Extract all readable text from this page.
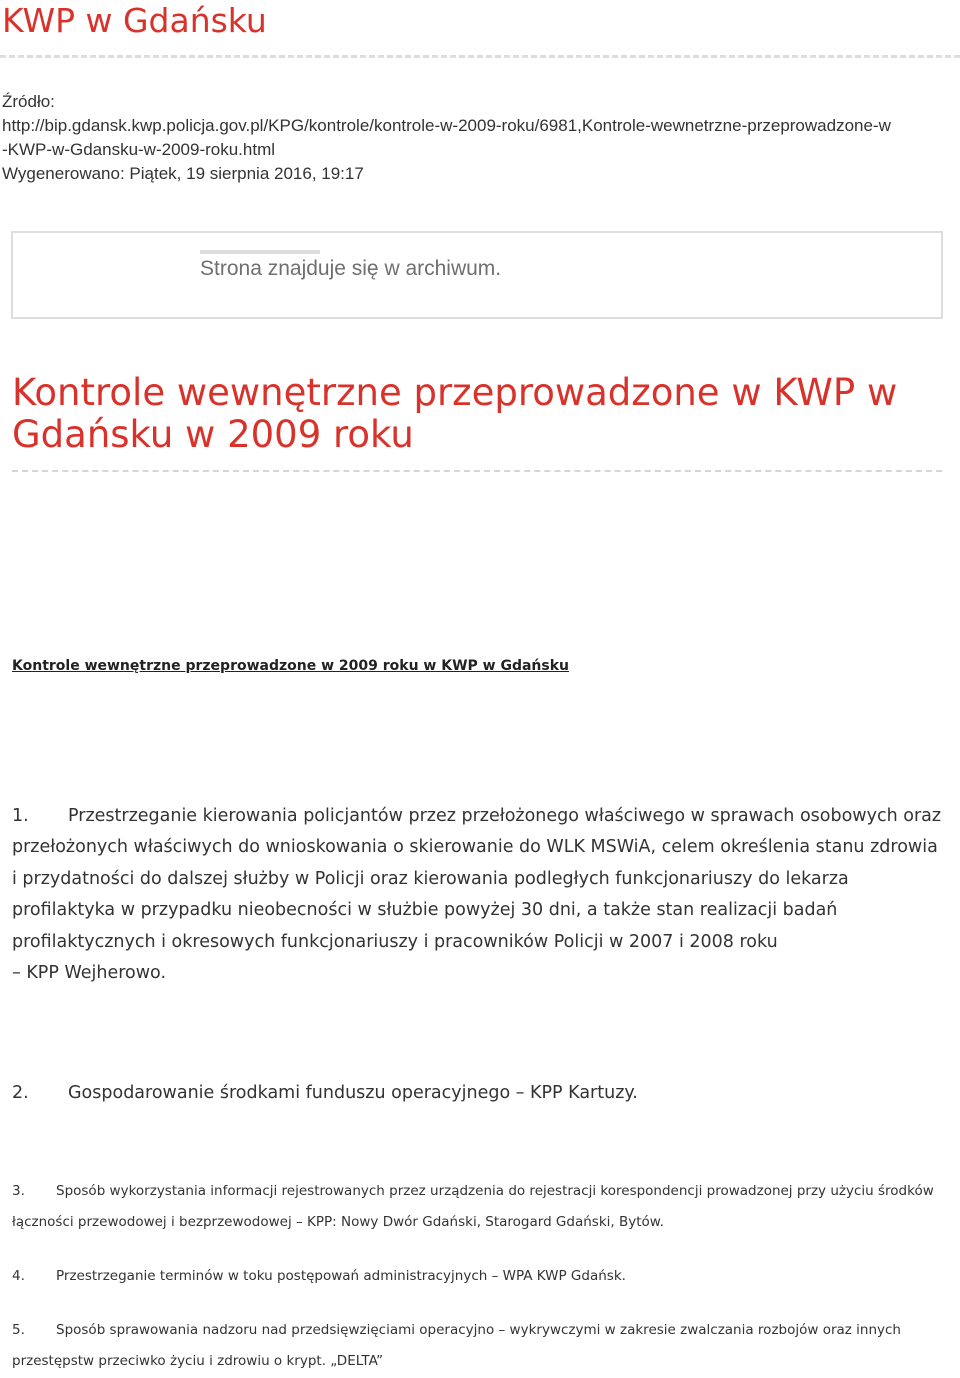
KWP w Gdańsku
Źródło:
http://bip.gdansk.kwp.policja.gov.pl/KPG/kontrole/kontrole-w-2009-roku/6981,Kontrole-wewnetrzne-przeprowadzone-w
-KWP-w-Gdansku-w-2009-roku.html
Wygenerowano: Piątek, 19 sierpnia 2016, 19:17
Strona znajduje się w archiwum.
Kontrole wewnętrzne przeprowadzone w KWP w Gdańsku w 2009 roku
Kontrole wewnętrzne przeprowadzone w 2009 roku w KWP w Gdańsku
1. Przestrzeganie kierowania policjantów przez przełożonego właściwego w sprawach osobowych oraz przełożonych właściwych do wnioskowania o skierowanie do WLK MSWiA, celem określenia stanu zdrowia i przydatności do dalszej służby w Policji oraz kierowania podległych funkcjonariuszy do lekarza profilaktyka w przypadku nieobecności w służbie powyżej 30 dni, a także stan realizacji badań profilaktycznych i okresowych funkcjonariuszy i pracowników Policji w 2007 i 2008 roku
– KPP Wejherowo.
2. Gospodarowanie środkami funduszu operacyjnego – KPP Kartuzy.
3. Sposób wykorzystania informacji rejestrowanych przez urządzenia do rejestracji korespondencji prowadzonej przy użyciu środków łączności przewodowej i bezprzewodowej – KPP: Nowy Dwór Gdański, Starogard Gdański, Bytów.
4. Przestrzeganie terminów w toku postępowań administracyjnych – WPA KWP Gdańsk.
5. Sposób sprawowania nadzoru nad przedsięwzięciami operacyjno – wykrywczymi w zakresie zwalczania rozbojów oraz innych przestępstw przeciwko życiu i zdrowiu o krypt. „DELTA”
